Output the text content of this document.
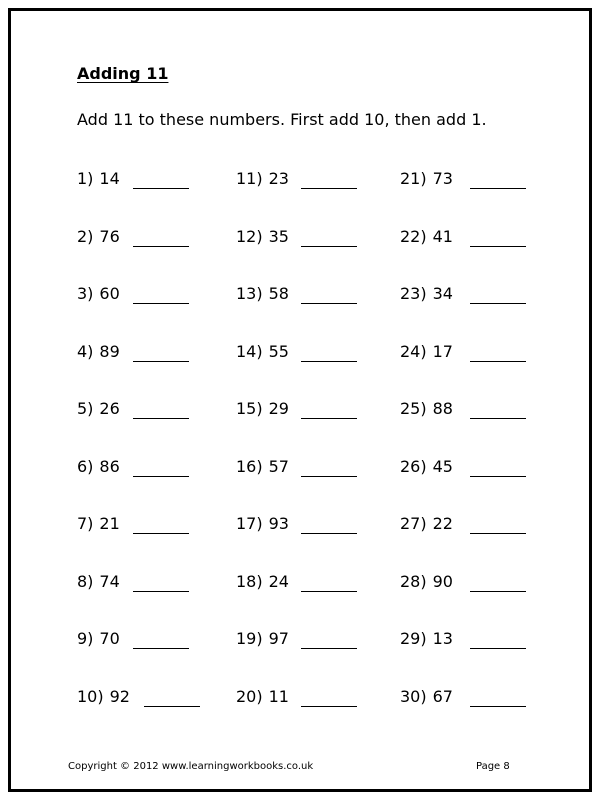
Adding 11
Add 11 to these numbers. First add 10, then add 1.
1) 14
2) 76
3) 60
4) 89
5) 26
6) 86
7) 21
8) 74
9) 70
10) 92
11) 23
12) 35
13) 58
14) 55
15) 29
16) 57
17) 93
18) 24
19) 97
20) 11
21) 73
22) 41
23) 34
24) 17
25) 88
26) 45
27) 22
28) 90
29) 13
30) 67
Copyright © 2012 www.learningworkbooks.co.uk	Page 8
